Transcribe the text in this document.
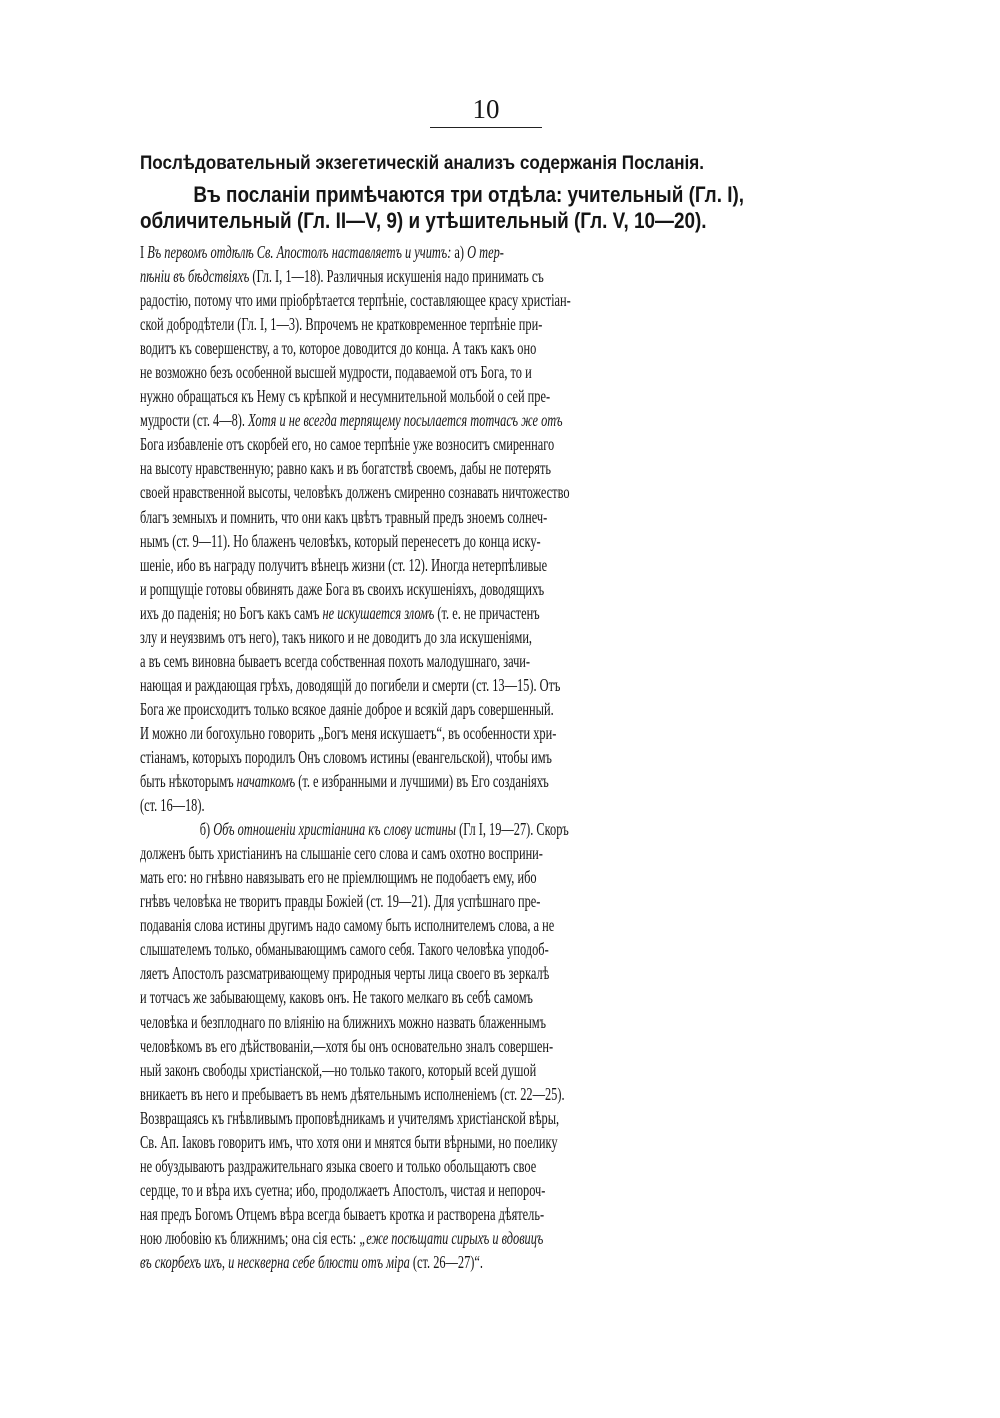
10
Послѣдовательный экзегетическій анализъ содержанія Посланія.
Въ посланіи примѣчаются три отдѣла: учительный (Гл. I),
обличительный (Гл. II—V, 9) и утѣшительный (Гл. V, 10—20).
I Въ первомъ отдѣлѣ Св. Апостолъ наставляетъ и учитъ: а) О тер-
пѣніи въ бѣдствіяхъ (Гл. I, 1—18). Различныя искушенія надо принимать съ
радостію, потому что ими пріобрѣтается терпѣніе, составляющее красу христіан-
ской добродѣтели (Гл. I, 1—3). Впрочемъ не кратковременное терпѣніе при-
водитъ къ совершенству, а то, которое доводится до конца. А такъ какъ оно
не возможно безъ особенной высшей мудрости, подаваемой отъ Бога, то и
нужно обращаться къ Нему съ крѣпкой и несумнительной мольбой о сей пре-
мудрости (ст. 4—8). Хотя и не всегда терпящему посылается тотчасъ же отъ
Бога избавленіе отъ скорбей его, но самое терпѣніе уже возноситъ смиреннаго
на высоту нравственную; равно какъ и въ богатствѣ своемъ, дабы не потерять
своей нравственной высоты, человѣкъ долженъ смиренно сознавать ничтожество
благъ земныхъ и помнить, что они какъ цвѣтъ травный предъ зноемъ солнеч-
нымъ (ст. 9—11). Но блаженъ человѣкъ, который перенесетъ до конца иску-
шеніе, ибо въ награду получитъ вѣнецъ жизни (ст. 12). Иногда нетерпѣливые
и ропщущіе готовы обвинять даже Бога въ своихъ искушеніяхъ, доводящихъ
ихъ до паденія; но Богъ какъ самъ не искушается зломъ (т. е. не причастенъ
злу и неуязвимъ отъ него), такъ никого и не доводитъ до зла искушеніями,
а въ семъ виновна бываетъ всегда собственная похоть малодушнаго, зачи-
нающая и раждающая грѣхъ, доводящій до погибели и смерти (ст. 13—15). Отъ
Бога же происходитъ только всякое даяніе доброе и всякій даръ совершенный.
И можно ли богохульно говорить „Богъ меня искушаетъ“, въ особенности хри-
стіанамъ, которыхъ породилъ Онъ словомъ истины (евангельской), чтобы имъ
быть нѣкоторымъ начаткомъ (т. е избранными и лучшими) въ Его созданіяхъ
(ст. 16—18).
б) Объ отношеніи христіанина къ слову истины (Гл I, 19—27). Скоръ
долженъ быть христіанинъ на слышаніе сего слова и самъ охотно восприни-
мать его: но гнѣвно навязывать его не пріемлющимъ не подобаетъ ему, ибо
гнѣвъ человѣка не творитъ правды Божіей (ст. 19—21). Для успѣшнаго пре-
подаванія слова истины другимъ надо самому быть исполнителемъ слова, а не
слышателемъ только, обманывающимъ самого себя. Такого человѣка уподоб-
ляетъ Апостолъ разсматривающему природныя черты лица своего въ зеркалѣ
и тотчасъ же забывающему, каковъ онъ. Не такого мелкаго въ себѣ самомъ
человѣка и безплоднаго по вліянію на ближнихъ можно назвать блаженнымъ
человѣкомъ въ его дѣйствованіи,—хотя бы онъ основательно зналъ совершен-
ный законъ свободы христіанской,—но только такого, который всей душой
вникаетъ въ него и пребываетъ въ немъ дѣятельнымъ исполненіемъ (ст. 22—25).
Возвращаясь къ гнѣвливымъ проповѣдникамъ и учителямъ христіанской вѣры,
Св. Ап. Іаковъ говоритъ имъ, что хотя они и мнятся быти вѣрными, но поелику
не обуздываютъ раздражительнаго языка своего и только обольщаютъ свое
сердце, то и вѣра ихъ суетна; ибо, продолжаетъ Апостолъ, чистая и непороч-
ная предъ Богомъ Отцемъ вѣра всегда бываетъ кротка и растворена дѣятель-
ною любовію къ ближнимъ; она сія есть: „еже посѣщати сирыхъ и вдовицъ
въ скорбехъ ихъ, и нескверна себе блюсти отъ міра (ст. 26—27)“.
